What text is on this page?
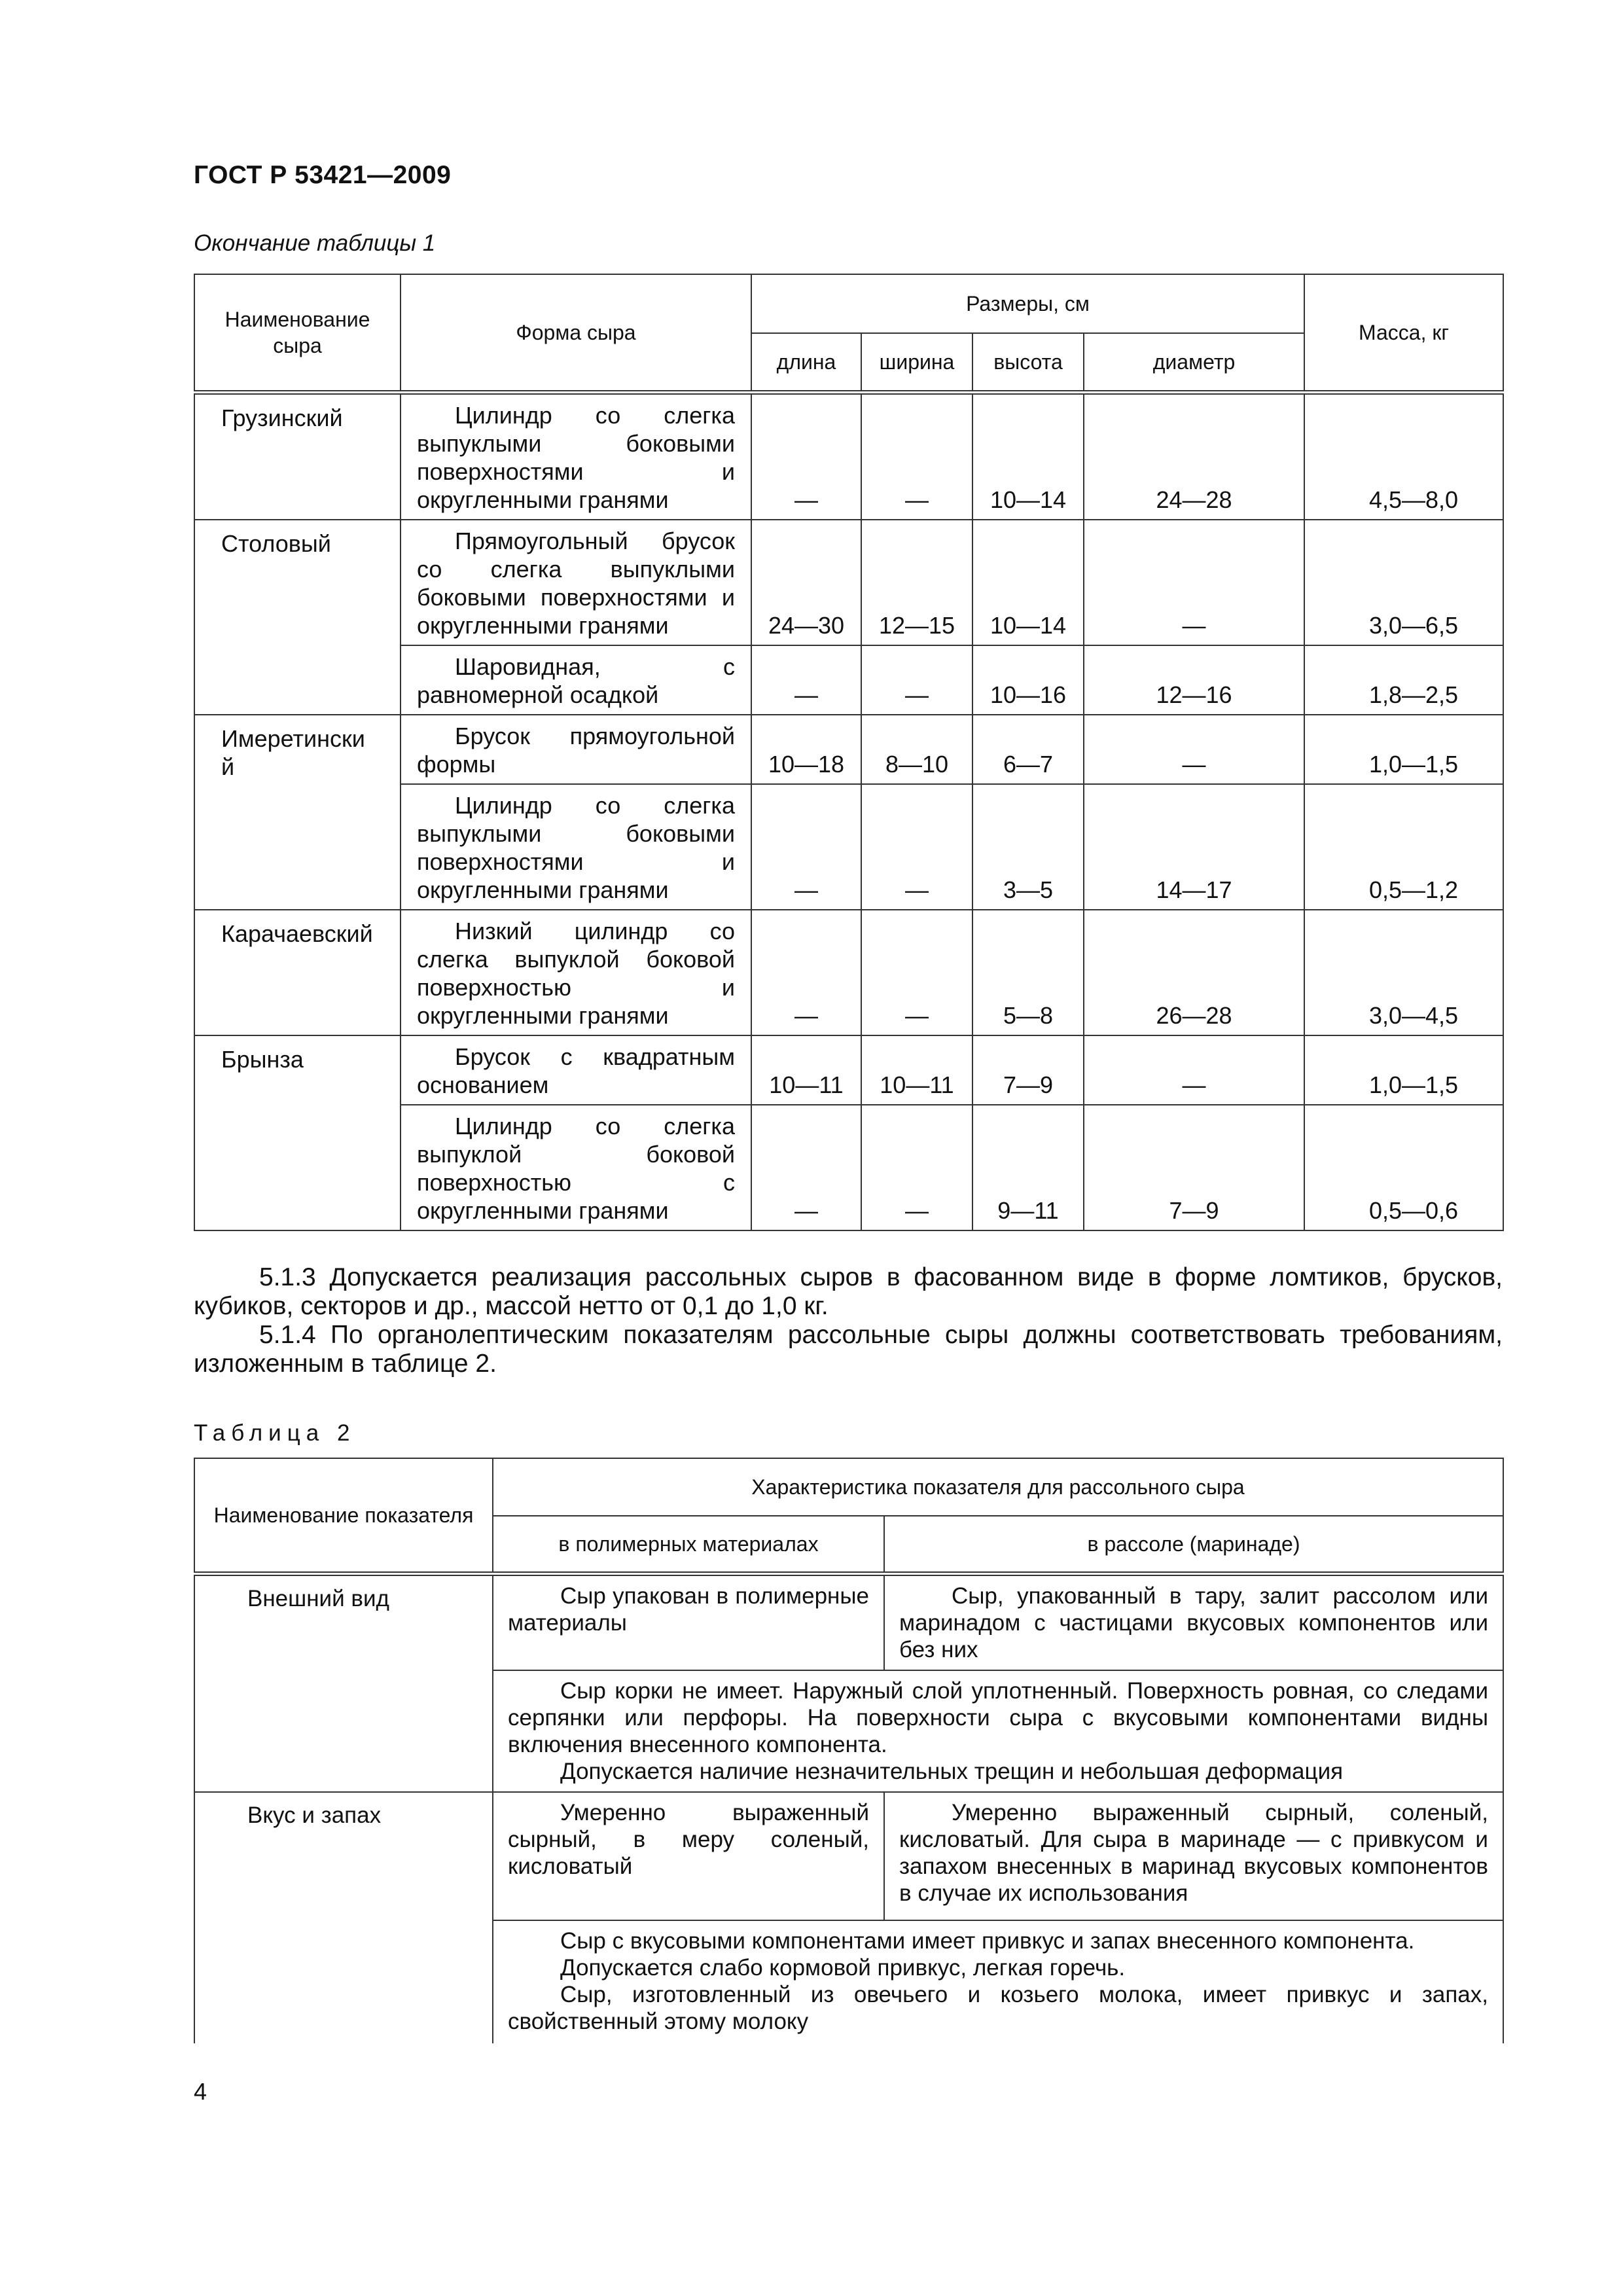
ГОСТ Р 53421—2009
Окончание таблицы 1
Наименование сыра	Форма сыра	Размеры, см				Масса, кг
		длина	ширина	высота	диаметр	
Грузинский	Цилиндр со слегка выпуклыми боковыми поверхностями и округленными гранями	—	—	10—14	24—28	4,5—8,0
Столовый	Прямоугольный брусок со слегка выпуклыми боковыми поверхностями и округленными гранями	24—30	12—15	10—14	—	3,0—6,5

	Шаровидная, с равномерной осадкой	—	—	10—16	12—16	1,8—2,5
Имеретинский	Брусок прямоугольной формы	10—18	8—10	6—7	—	1,0—1,5

	Цилиндр со слегка выпуклыми боковыми поверхностями и округленными гранями	—	—	3—5	14—17	0,5—1,2
Карачаевский	Низкий цилиндр со слегка выпуклой боковой поверхностью и округленными гранями	—	—	5—8	26—28	3,0—4,5
Брынза	Брусок с квадратным основанием	10—11	10—11	7—9	—	1,0—1,5

	Цилиндр со слегка выпуклой боковой поверхностью с округленными гранями	—	—	9—11	7—9	0,5—0,6

5.1.3 Допускается реализация рассольных сыров в фасованном виде в форме ломтиков, брусков, кубиков, секторов и др., массой нетто от 0,1 до 1,0 кг.

5.1.4 По органолептическим показателям рассольные сыры должны соответствовать требованиям, изложенным в таблице 2.

Таблица 2
Наименование показателя	Характеристика показателя для рассольного сыра	
	в полимерных материалах	в рассоле (маринаде)
Внешний вид	Сыр упакован в полимерные материалы	Сыр, упакованный в тару, залит рассолом или маринадом с частицами вкусовых компонентов или без них

	Сыр корки не имеет. Наружный слой уплотненный. Поверхность ровная, со следами серпянки или перфоры. На поверхности сыра с вкусовыми компонентами видны включения внесенного компонента.

Допускается наличие незначительных трещин и небольшая деформация	

Вкус и запах	Умеренно выраженный сырный, в меру соленый, кисловатый	Умеренно выраженный сырный, соленый, кисловатый. Для сыра в маринаде — с привкусом и запахом внесенных в маринад вкусовых компонентов в случае их использования

	Сыр с вкусовыми компонентами имеет привкус и запах внесенного компонента.

Допускается слабо кормовой привкус, легкая горечь.

Сыр, изготовленный из овечьего и козьего молока, имеет привкус и запах, свойственный этому молоку	

4
